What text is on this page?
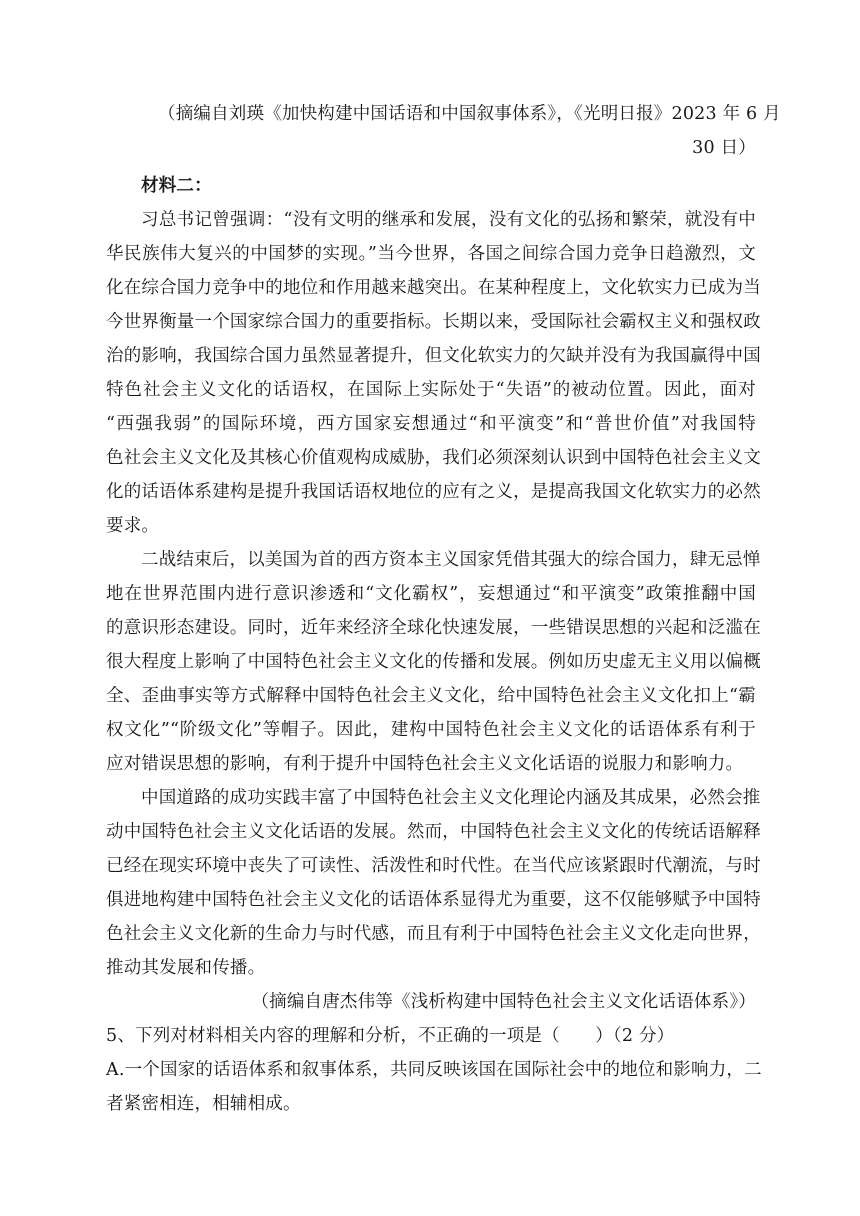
（摘编自刘瑛《加快构建中国话语和中国叙事体系》，《光明日报》2023 年 6 月
30 日）
材料二：
习总书记曾强调：“没有文明的继承和发展，没有文化的弘扬和繁荣，就没有中
华民族伟大复兴的中国梦的实现。”当今世界，各国之间综合国力竞争日趋激烈，文
化在综合国力竞争中的地位和作用越来越突出。在某种程度上，文化软实力已成为当
今世界衡量一个国家综合国力的重要指标。长期以来，受国际社会霸权主义和强权政
治的影响，我国综合国力虽然显著提升，但文化软实力的欠缺并没有为我国赢得中国
特色社会主义文化的话语权，在国际上实际处于“失语”的被动位置。因此，面对
“西强我弱”的国际环境，西方国家妄想通过“和平演变”和“普世价值”对我国特
色社会主义文化及其核心价值观构成威胁，我们必须深刻认识到中国特色社会主义文
化的话语体系建构是提升我国话语权地位的应有之义，是提高我国文化软实力的必然
要求。
二战结束后，以美国为首的西方资本主义国家凭借其强大的综合国力，肆无忌惮
地在世界范围内进行意识渗透和“文化霸权”，妄想通过“和平演变”政策推翻中国
的意识形态建设。同时，近年来经济全球化快速发展，一些错误思想的兴起和泛滥在
很大程度上影响了中国特色社会主义文化的传播和发展。例如历史虚无主义用以偏概
全、歪曲事实等方式解释中国特色社会主义文化，给中国特色社会主义文化扣上“霸
权文化”“阶级文化”等帽子。因此，建构中国特色社会主义文化的话语体系有利于
应对错误思想的影响，有利于提升中国特色社会主义文化话语的说服力和影响力。
中国道路的成功实践丰富了中国特色社会主义文化理论内涵及其成果，必然会推
动中国特色社会主义文化话语的发展。然而，中国特色社会主义文化的传统话语解释
已经在现实环境中丧失了可读性、活泼性和时代性。在当代应该紧跟时代潮流，与时
俱进地构建中国特色社会主义文化的话语体系显得尤为重要，这不仅能够赋予中国特
色社会主义文化新的生命力与时代感，而且有利于中国特色社会主义文化走向世界，
推动其发展和传播。
（摘编自唐杰伟等《浅析构建中国特色社会主义文化话语体系》）
5、下列对材料相关内容的理解和分析，不正确的一项是（　　）（2 分）
A.一个国家的话语体系和叙事体系，共同反映该国在国际社会中的地位和影响力，二
者紧密相连，相辅相成。
